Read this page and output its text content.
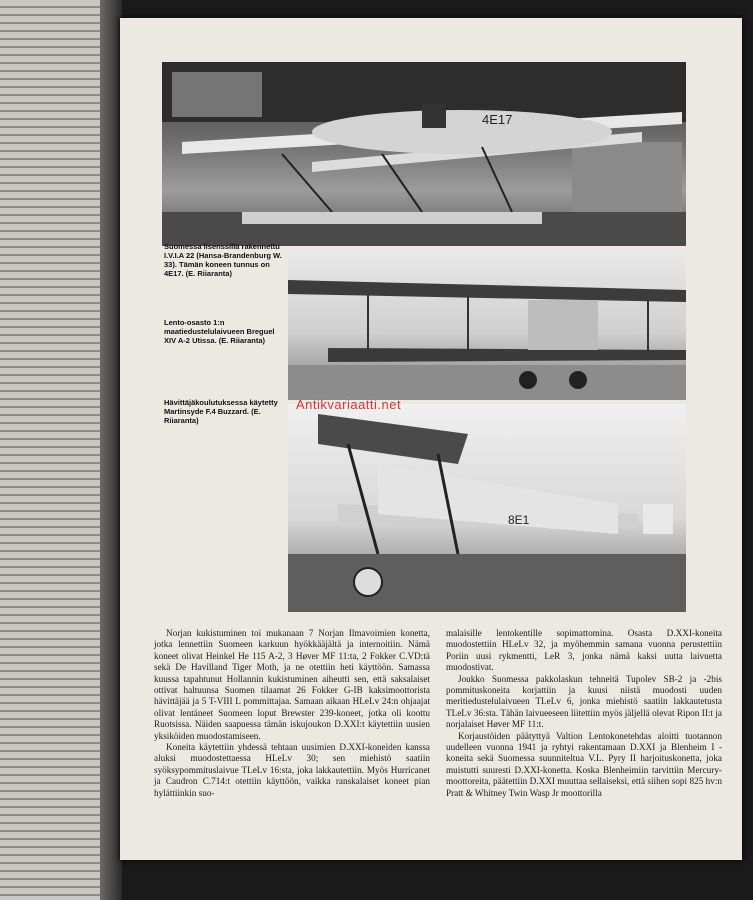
4E17
8E1
Suomessa lisenssillä rakennettu I.V.I.A 22 (Hansa-Brandenburg W. 33). Tämän koneen tunnus on 4E17. (E. Riiaranta)
Lento-osasto 1:n maatiedustelulaivueen Breguel XIV A-2 Utissa. (E. Riiaranta)
Hävittäjäkoulutuksessa käytetty Martinsyde F.4 Buzzard. (E. Riiaranta)
Antikvariaatti.net

Norjan kukistuminen toi mukanaan 7 Norjan Ilmavoimien konetta, jotka lennettiin Suomeen karkuun hyökkääjältä ja internoitiin. Nämä koneet olivat Heinkel He 115 A-2, 3 Høver MF 11:ta, 2 Fokker C.VD:tä sekä De Havilland Tiger Moth, ja ne otettiin heti käyttöön. Samassa kuussa tapahtunut Hollannin kukistuminen aiheutti sen, että saksalaiset ottivat haltuunsa Suomen tilaamat 26 Fokker G-IB kaksimoottorista hävittäjää ja 5 T-VIII L pommittajaa. Samaan aikaan HLeLv 24:n ohjaajat olivat lentäneet Suomeen loput Brewster 239-koneet, jotka oli koottu Ruotsissa. Näiden saapuessa tämän iskujoukon D.XXI:t käytettiin uusien yksiköiden muodostamiseen.

Koneita käytettiin yhdessä tehtaan uusimien D.XXI-koneiden kanssa aluksi muodostettaessa HLeLv 30; sen miehistö saatiin syöksypommituslaivue TLeLv 16:sta, joka lakkautettiin. Myös Hurricanet ja Caudron C.714:t otettiin käyttöön, vaikka ranskalaiset koneet pian hylättiinkin suo-

malaisille lentokentille sopimattomina. Osasta D.XXI-koneita muodostettiin HLeLv 32, ja myöhemmin samana vuonna perustettiin Poriin uusi rykmentti, LeR 3, jonka nämä kaksi uutta laivuetta muodostivat.

Joukko Suomessa pakkolaskun tehneitä Tupolev SB-2 ja -2bis pommituskoneita korjattiin ja kuusi niistä muodosti uuden meritiedustelulaivueen TLeLv 6, jonka miehistö saatiin lakkautetusta TLeLv 36:sta. Tähän laivueeseen liitettiin myös jäljellä olevat Ripon II:t ja norjalaiset Høver MF 11:t.

Korjaustöiden päätyttyä Valtion Lentokonetehdas aloitti tuotannon uudelleen vuonna 1941 ja ryhtyi rakentamaan D.XXI ja Blenheim I -koneita sekä Suomessa suunniteltua V.L. Pyry II harjoituskonetta, joka muistutti suuresti D.XXI-konetta. Koska Blenheimiin tarvittiin Mercury-moottoreita, päätettiin D.XXI muuttaa sellaiseksi, että siihen sopi 825 hv:n Pratt & Whitney Twin Wasp Jr moottorilla
